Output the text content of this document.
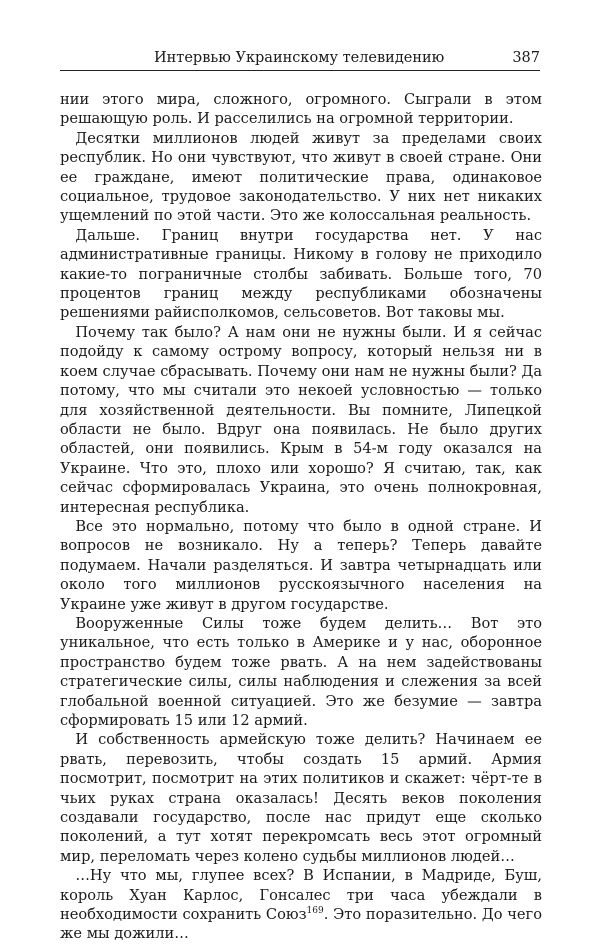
Интервью Украинскому телевидению	387

нии этого мира, сложного, огромного. Сыграли в этом решающую роль. И расселились на огромной территории.

Десятки миллионов людей живут за пределами своих республик. Но они чувствуют, что живут в своей стране. Они ее граждане, имеют политические права, одинаковое социальное, трудовое законодательство. У них нет никаких ущемлений по этой части. Это же колоссальная реальность.

Дальше. Границ внутри государства нет. У нас административные границы. Никому в голову не приходило какие-то пограничные столбы забивать. Больше того, 70 процентов границ между республиками обозначены решениями райисполкомов, сельсоветов. Вот таковы мы.

Почему так было? А нам они не нужны были. И я сейчас подойду к самому острому вопросу, который нельзя ни в коем случае сбрасывать. Почему они нам не нужны были? Да потому, что мы считали это некоей условностью — только для хозяйственной деятельности. Вы помните, Липецкой области не было. Вдруг она появилась. Не было других областей, они появились. Крым в 54-м году оказался на Украине. Что это, плохо или хорошо? Я считаю, так, как сейчас сформировалась Украина, это очень полнокровная, интересная республика.

Все это нормально, потому что было в одной стране. И вопросов не возникало. Ну а теперь? Теперь давайте подумаем. Начали разделяться. И завтра четырнадцать или около того миллионов русскоязычного населения на Украине уже живут в другом государстве.

Вооруженные Силы тоже будем делить… Вот это уникальное, что есть только в Америке и у нас, оборонное пространство будем тоже рвать. А на нем задействованы стратегические силы, силы наблюдения и слежения за всей глобальной военной ситуацией. Это же безумие — завтра сформировать 15 или 12 армий.

И собственность армейскую тоже делить? Начинаем ее рвать, перевозить, чтобы создать 15 армий. Армия посмотрит, посмотрит на этих политиков и скажет: чёрт-те в чьих руках страна оказалась! Десять веков поколения создавали государство, после нас придут еще сколько поколений, а тут хотят перекромсать весь этот огромный мир, переломать через колено судьбы миллионов людей…

…Ну что мы, глупее всех? В Испании, в Мадриде, Буш, король Хуан Карлос, Гонсалес три часа убеждали в необходимости сохранить Союз$^{169}$. Это поразительно. До чего же мы дожили…
